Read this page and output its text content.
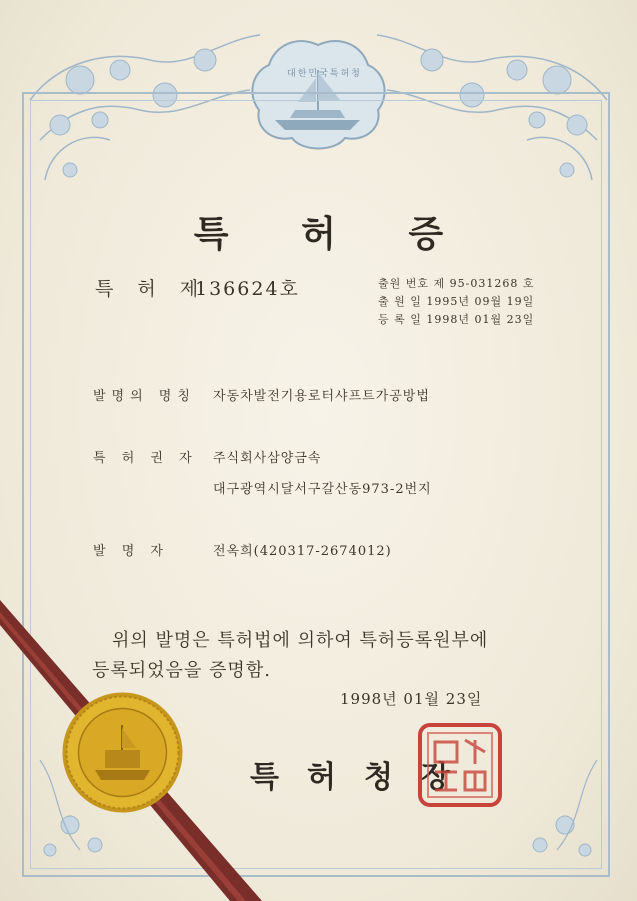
대한민국특허청
특 허 증
특 허 제
136624호	출원 번호 제 95-031268 호
출 원 일 1995년 09월 19일
등 록 일 1998년 01월 23일
발명의 명칭 자동차발전기용로터샤프트가공방법
특 허 권 자 주식회사삼양금속
대구광역시달서구갈산동973-2번지
발 명 자	전옥희(420317-2674012)
위의 발명은 특허법에 의하여 특허등록원부에
등록되었음을 증명함.
1998년 01월 23일
특허청장
